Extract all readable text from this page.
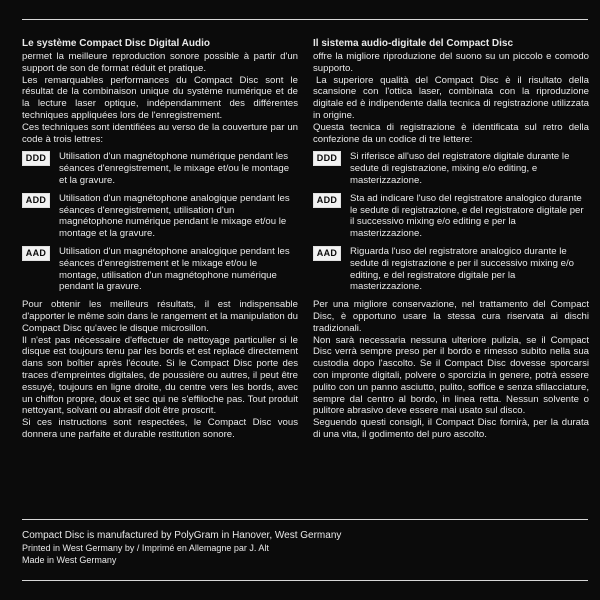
Le système Compact Disc Digital Audio

permet la meilleure reproduction sonore possible à partir d'un support de son de format réduit et pratique.

Les remarquables performances du Compact Disc sont le résultat de la combinaison unique du système numérique et de la lecture laser optique, indépendamment des différentes techniques appliquées lors de l'enregistrement.

Ces techniques sont identifiées au verso de la couverture par un code à trois lettres:

DDD	Utilisation d'un magnétophone numérique pendant les séances d'enregistrement, le mixage et/ou le montage et la gravure.
ADD	Utilisation d'un magnétophone analogique pendant les séances d'enregistrement, utilisation d'un magnétophone numérique pendant le mixage et/ou le montage et la gravure.
AAD	Utilisation d'un magnétophone analogique pendant les séances d'enregistrement et le mixage et/ou le montage, utilisation d'un magnétophone numérique pendant la gravure.

Pour obtenir les meilleurs résultats, il est indispensable d'apporter le même soin dans le rangement et la manipulation du Compact Disc qu'avec le disque microsillon.

Il n'est pas nécessaire d'effectuer de nettoyage particulier si le disque est toujours tenu par les bords et est replacé directement dans son boîtier après l'écoute. Si le Compact Disc porte des traces d'empreintes digitales, de poussière ou autres, il peut être essuyé, toujours en ligne droite, du centre vers les bords, avec un chiffon propre, doux et sec qui ne s'effiloche pas. Tout produit nettoyant, solvant ou abrasif doit être proscrit.

Si ces instructions sont respectées, le Compact Disc vous donnera une parfaite et durable restitution sonore.

Il sistema audio-digitale del Compact Disc

offre la migliore riproduzione del suono su un piccolo e comodo supporto.

La superiore qualità del Compact Disc è il risultato della scansione con l'ottica laser, combinata con la riproduzione digitale ed è indipendente dalla tecnica di registrazione utilizzata in origine.

Questa tecnica di registrazione è identificata sul retro della confezione da un codice di tre lettere:

DDD	Si riferisce all'uso del registratore digitale durante le sedute di registrazione, mixing e/o editing, e masterizzazione.
ADD	Sta ad indicare l'uso del registratore analogico durante le sedute di registrazione, e del registratore digitale per il successivo mixing e/o editing e per la masterizzazione.
AAD	Riguarda l'uso del registratore analogico durante le sedute di registrazione e per il successivo mixing e/o editing, e del registratore digitale per la masterizzazione.

Per una migliore conservazione, nel trattamento del Compact Disc, è opportuno usare la stessa cura riservata ai dischi tradizionali.

Non sarà necessaria nessuna ulteriore pulizia, se il Compact Disc verrà sempre preso per il bordo e rimesso subito nella sua custodia dopo l'ascolto. Se il Compact Disc dovesse sporcarsi con impronte digitali, polvere o sporcizia in genere, potrà essere pulito con un panno asciutto, pulito, soffice e senza sfilacciature, sempre dal centro al bordo, in linea retta. Nessun solvente o pulitore abrasivo deve essere mai usato sul disco.

Seguendo questi consigli, il Compact Disc fornirà, per la durata di una vita, il godimento del puro ascolto.

Compact Disc is manufactured by PolyGram in Hanover, West Germany
Printed in West Germany by / Imprimé en Allemagne par J. Alt
Made in West Germany
